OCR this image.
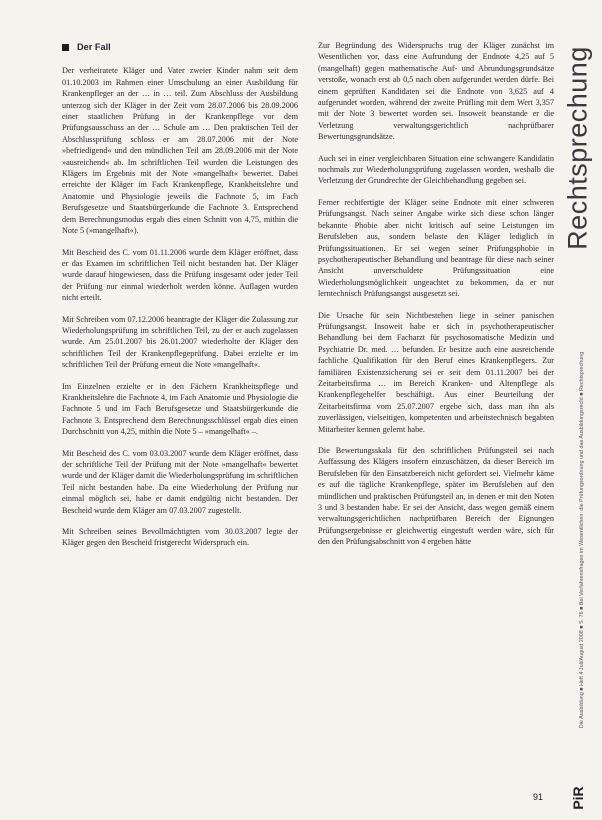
Der Fall

Der verheiratete Kläger und Vater zweier Kinder nahm seit dem 01.10.2003 im Rahmen einer Umschulung an einer Ausbildung für Krankenpfleger an der … in … teil. Zum Abschluss der Ausbildung unterzog sich der Kläger in der Zeit vom 28.07.2006 bis 28.09.2006 einer staatlichen Prüfung in der Krankenpflege vor dem Prüfungsausschuss an der … Schule am … Den praktischen Teil der Abschlussprüfung schloss er am 28.07.2006 mit der Note »befriedigend« und den mündlichen Teil am 28.09.2006 mit der Note »ausreichend« ab. Im schriftlichen Teil wurden die Leistungen des Klägers im Ergebnis mit der Note »mangelhaft« bewertet. Dabei erreichte der Kläger im Fach Krankenpflege, Krankheitslehre und Anatomie und Physiologie jeweils die Fachnote 5, im Fach Berufsgesetze und Staatsbürgerkunde die Fachnote 3. Entsprechend dem Berechnungsmodus ergab dies einen Schnitt von 4,75, mithin die Note 5 (»mangelhaft«).

Mit Bescheid des C. vom 01.11.2006 wurde dem Kläger eröffnet, dass er das Examen im schriftlichen Teil nicht bestanden hat. Der Kläger wurde darauf hingewiesen, dass die Prüfung insgesamt oder jeder Teil der Prüfung nur einmal wiederholt werden könne. Auflagen wurden nicht erteilt.

Mit Schreiben vom 07.12.2006 beantragte der Kläger die Zulassung zur Wiederholungsprüfung im schriftlichen Teil, zu der er auch zugelassen wurde. Am 25.01.2007 bis 26.01.2007 wiederholte der Kläger den schriftlichen Teil der Krankenpflegeprüfung. Dabei erzielte er im schriftlichen Teil der Prüfung erneut die Note »mangelhaft«.

Im Einzelnen erzielte er in den Fächern Krankheitspflege und Krankheitslehre die Fachnote 4, im Fach Anatomie und Physiologie die Fachnote 5 und im Fach Berufsgesetze und Staatsbürgerkunde die Fachnote 3. Entsprechend dem Berechnungsschlüssel ergab dies einen Durchschnitt von 4,25, mithin die Note 5 – »mangelhaft« –.

Mit Bescheid des C. vom 03.03.2007 wurde dem Kläger eröffnet, dass der schriftliche Teil der Prüfung mit der Note »mangelhaft« bewertet wurde und der Kläger damit die Wiederholungsprüfung im schriftlichen Teil nicht bestanden habe. Da eine Wiederholung der Prüfung nur einmal möglich sei, habe er damit endgültig nicht bestanden. Der Bescheid wurde dem Kläger am 07.03.2007 zugestellt.

Mit Schreiben seines Bevollmächtigten vom 30.03.2007 legte der Kläger gegen den Bescheid fristgerecht Widerspruch ein.

Zur Begründung des Widerspruchs trug der Kläger zunächst im Wesentlichen vor, dass eine Aufrundung der Endnote 4,25 auf 5 (mangelhaft) gegen mathematische Auf- und Abrundungsgrundsätze verstoße, wonach erst ab 0,5 nach oben aufgerundet werden dürfe. Bei einem geprüften Kandidaten sei die Endnote von 3,625 auf 4 aufgerundet worden, während der zweite Prüfling mit dem Wert 3,357 mit der Note 3 bewertet worden sei. Insoweit beanstande er die Verletzung verwaltungsgerichtlich nachprüfbarer Bewertungsgrundsätze.

Auch sei in einer vergleichbaren Situation eine schwangere Kandidatin nochmals zur Wiederholungsprüfung zugelassen worden, weshalb die Verletzung der Grundrechte der Gleichbehandlung gegeben sei.

Ferner rechtfertigte der Kläger seine Endnote mit einer schweren Prüfungsangst. Nach seiner Angabe wirke sich diese schon länger bekannte Phobie aber nicht kritisch auf seine Leistungen im Berufsleben aus, sondern belaste den Kläger lediglich in Prüfungssituationen. Er sei wegen seiner Prüfungsphobie in psychotherapeutischer Behandlung und beantrage für diese nach seiner Ansicht unverschuldete Prüfungssituation eine Wiederholungsmöglichkeit ungeachtet zu bekommen, da er nur lerntechnisch Prüfungsangst ausgesetzt sei.

Die Ursache für sein Nichtbestehen liege in seiner panischen Prüfungsangst. Insoweit habe er sich in psychotherapeutischer Behandlung bei dem Facharzt für psychosomatische Medizin und Psychiatrie Dr. med. … befunden. Er besitze auch eine ausreichende fachliche Qualifikation für den Beruf eines Krankenpflegers. Zur familiären Existenzsicherung sei er seit dem 01.11.2007 bei der Zeitarbeitsfirma … im Bereich Kranken- und Altenpflege als Krankenpflegehelfer beschäftigt. Aus einer Beurteilung der Zeitarbeitsfirma vom 25.07.2007 ergebe sich, dass man ihn als zuverlässigen, vielseitigen, kompetenten und arbeitstechnisch begabten Mitarbeiter kennen gelernt habe.

Die Bewertungsskala für den schriftlichen Prüfungsteil sei nach Auffassung des Klägers insofern einzuschätzen, da dieser Bereich im Berufsleben für den Einsatzbereich nicht gefordert sei. Vielmehr käme es auf die tägliche Krankenpflege, später im Berufsleben auf den mündlichen und praktischen Prüfungsteil an, in denen er mit den Noten 3 und 3 bestanden habe. Er sei der Ansicht, dass wegen gemäß einem verwaltungsgerichtlichen nachprüfbaren Bereich der Eignungen Prüfungsergebnisse er gleichwertig eingestuft werden wäre, sich für den den Prüfungsabschnitt von 4 ergeben hätte

Rechtsprechung
Die Ausbildung ■ Heft 4 Juli/August 2008 ■ S. 76 ■ Bei Verfahrensfragen im Wesentlichen: die Prüfungsordnung und das Ausbildungsrecht ■ Rechtsprechung
PiR
91
